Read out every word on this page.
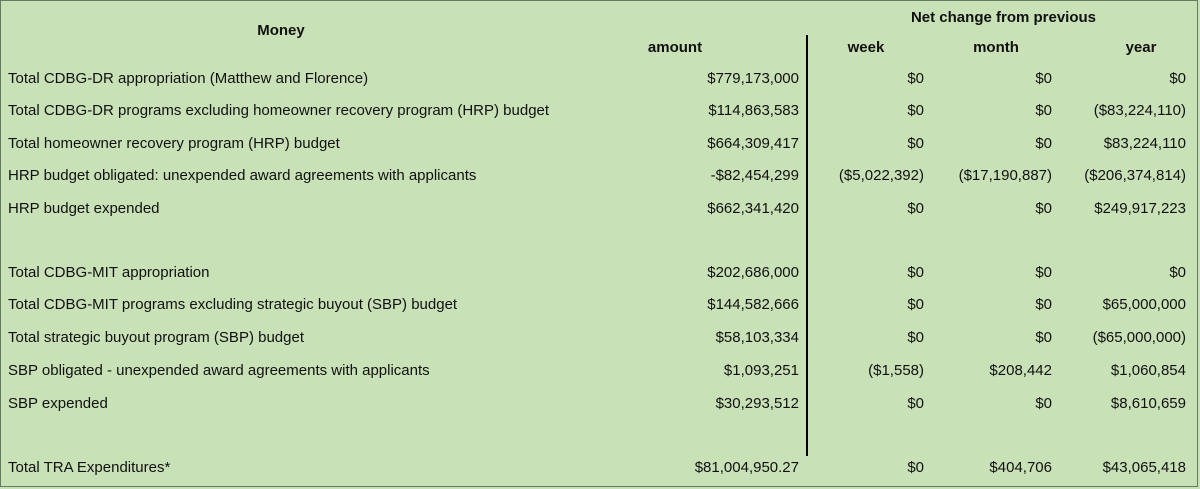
Money
Net change from previous
amount	week	month	year
Total CDBG-DR appropriation (Matthew and Florence)	$779,173,000	$0	$0	$0
Total CDBG-DR programs excluding homeowner recovery program (HRP) budget	$114,863,583	$0	$0	($83,224,110)
Total homeowner recovery program (HRP) budget	$664,309,417	$0	$0	$83,224,110
HRP budget obligated: unexpended award agreements with applicants	-$82,454,299	($5,022,392) ($17,190,887) ($206,374,814)
HRP budget expended	$662,341,420	$0	$0	$249,917,223
Total CDBG-MIT appropriation	$202,686,000	$0	$0	$0
Total CDBG-MIT programs excluding strategic buyout (SBP) budget	$144,582,666	$0	$0	$65,000,000
Total strategic buyout program (SBP) budget	$58,103,334	$0	$0	($65,000,000)
SBP obligated - unexpended award agreements with applicants	$1,093,251	($1,558)	$208,442	$1,060,854
SBP expended	$30,293,512	$0	$0	$8,610,659
Total TRA Expenditures*	$81,004,950.27	$0	$404,706	$43,065,418
